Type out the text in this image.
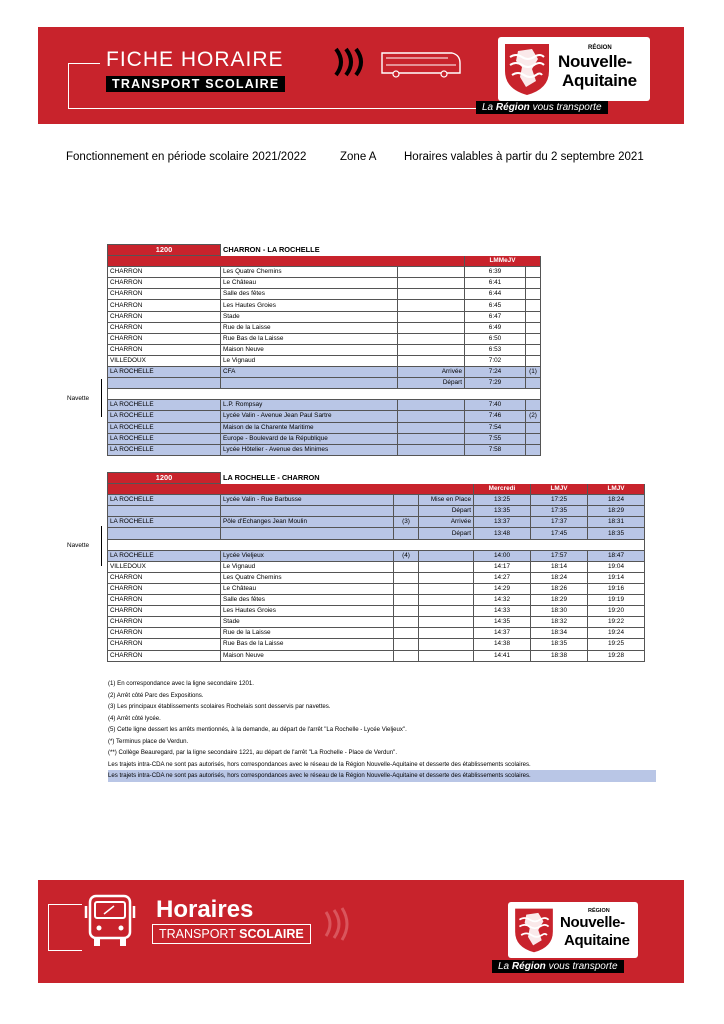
FICHE HORAIRE
TRANSPORT SCOLAIRE
RÉGION
Nouvelle-
Aquitaine
La Région vous transporte
Fonctionnement en période scolaire 2021/2022	Zone A Horaires valables à partir du 2 septembre 2021
1200	CHARRON - LA ROCHELLE			
			LMMeJV	
CHARRON	Les Quatre Chemins		6:39	
CHARRON	Le Château		6:41	
CHARRON	Salle des fêtes		6:44	
CHARRON	Les Hautes Groies		6:45	
CHARRON	Stade		6:47	
CHARRON	Rue de la Laisse		6:49	
CHARRON	Rue Bas de la Laisse		6:50	
CHARRON	Maison Neuve		6:53	
VILLEDOUX	Le Vignaud		7:02	
LA ROCHELLE	CFA	Arrivée	7:24	(1)
		Départ	7:29	

LA ROCHELLE	L.P. Rompsay		7:40	
LA ROCHELLE	Lycée Valin - Avenue Jean Paul Sartre		7:46	(2)
LA ROCHELLE	Maison de la Charente Maritime		7:54	
LA ROCHELLE	Europe - Boulevard de la République		7:55	
LA ROCHELLE	Lycée Hôtelier - Avenue des Minimes		7:58	
Navette
1200	LA ROCHELLE - CHARRON					
				Mercredi	LMJV	LMJV
LA ROCHELLE	Lycée Valin - Rue Barbusse		Mise en Place	13:25	17:25	18:24
			Départ	13:35	17:35	18:29
LA ROCHELLE	Pôle d'Echanges Jean Moulin	(3)	Arrivée	13:37	17:37	18:31
			Départ	13:48	17:45	18:35

LA ROCHELLE	Lycée Vieljeux	(4)		14:00	17:57	18:47
VILLEDOUX	Le Vignaud			14:17	18:14	19:04
CHARRON	Les Quatre Chemins			14:27	18:24	19:14
CHARRON	Le Château			14:29	18:26	19:16
CHARRON	Salle des fêtes			14:32	18:29	19:19
CHARRON	Les Hautes Groies			14:33	18:30	19:20
CHARRON	Stade			14:35	18:32	19:22
CHARRON	Rue de la Laisse			14:37	18:34	19:24
CHARRON	Rue Bas de la Laisse			14:38	18:35	19:25
CHARRON	Maison Neuve			14:41	18:38	19:28
Navette
(1) En correspondance avec la ligne secondaire 1201.
(2) Arrêt côté Parc des Expositions.
(3) Les principaux établissements scolaires Rochelais sont desservis par navettes.
(4) Arrêt côté lycée.
(5) Cette ligne dessert les arrêts mentionnés, à la demande, au départ de l'arrêt "La Rochelle - Lycée Vieljeux".
(*) Terminus place de Verdun.
(**) Collège Beauregard, par la ligne secondaire 1221, au départ de l'arrêt "La Rochelle - Place de Verdun".
Les trajets intra-CDA ne sont pas autorisés, hors correspondances avec le réseau de la Région Nouvelle-Aquitaine et desserte des établissements scolaires.
Les trajets intra-CDA ne sont pas autorisés, hors correspondances avec le réseau de la Région Nouvelle-Aquitaine et desserte des établissements scolaires.
Horaires
TRANSPORT SCOLAIRE
RÉGION
Nouvelle-
Aquitaine
La Région vous transporte
